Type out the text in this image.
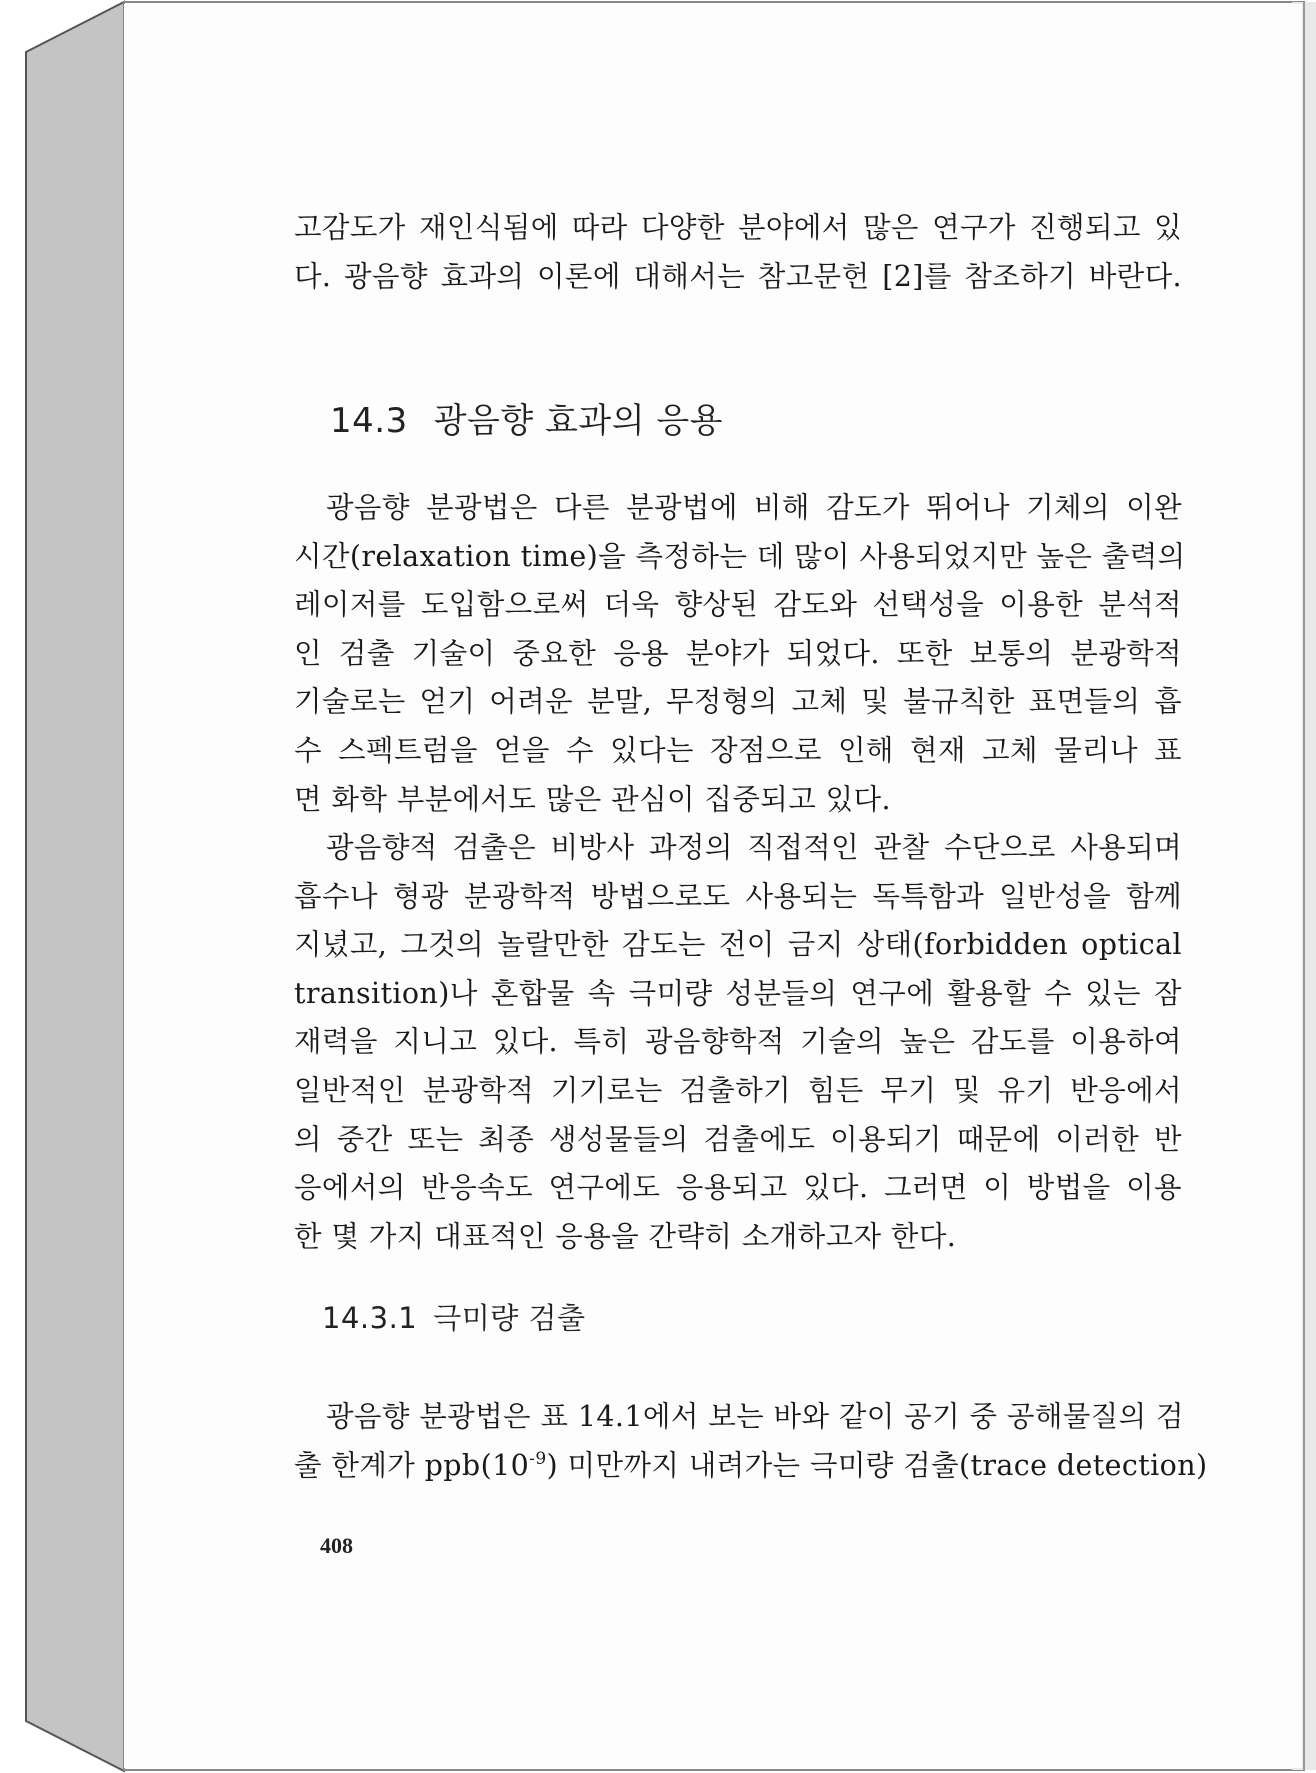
고감도가 재인식됨에 따라 다양한 분야에서 많은 연구가 진행되고 있
다. 광음향 효과의 이론에 대해서는 참고문헌 [2]를 참조하기 바란다.
14.3 광음향 효과의 응용
광음향 분광법은 다른 분광법에 비해 감도가 뛰어나 기체의 이완
시간(relaxation time)을 측정하는 데 많이 사용되었지만 높은 출력의
레이저를 도입함으로써 더욱 향상된 감도와 선택성을 이용한 분석적
인 검출 기술이 중요한 응용 분야가 되었다. 또한 보통의 분광학적
기술로는 얻기 어려운 분말, 무정형의 고체 및 불규칙한 표면들의 흡
수 스펙트럼을 얻을 수 있다는 장점으로 인해 현재 고체 물리나 표
면 화학 부분에서도 많은 관심이 집중되고 있다.
광음향적 검출은 비방사 과정의 직접적인 관찰 수단으로 사용되며
흡수나 형광 분광학적 방법으로도 사용되는 독특함과 일반성을 함께
지녔고, 그것의 놀랄만한 감도는 전이 금지 상태(forbidden optical
transition)나 혼합물 속 극미량 성분들의 연구에 활용할 수 있는 잠
재력을 지니고 있다. 특히 광음향학적 기술의 높은 감도를 이용하여
일반적인 분광학적 기기로는 검출하기 힘든 무기 및 유기 반응에서
의 중간 또는 최종 생성물들의 검출에도 이용되기 때문에 이러한 반
응에서의 반응속도 연구에도 응용되고 있다. 그러면 이 방법을 이용
한 몇 가지 대표적인 응용을 간략히 소개하고자 한다.
14.3.1 극미량 검출
광음향 분광법은 표 14.1에서 보는 바와 같이 공기 중 공해물질의 검
출 한계가 $ppb(10^{-9})$ 미만까지 내려가는 극미량 검출(trace detection)
408
